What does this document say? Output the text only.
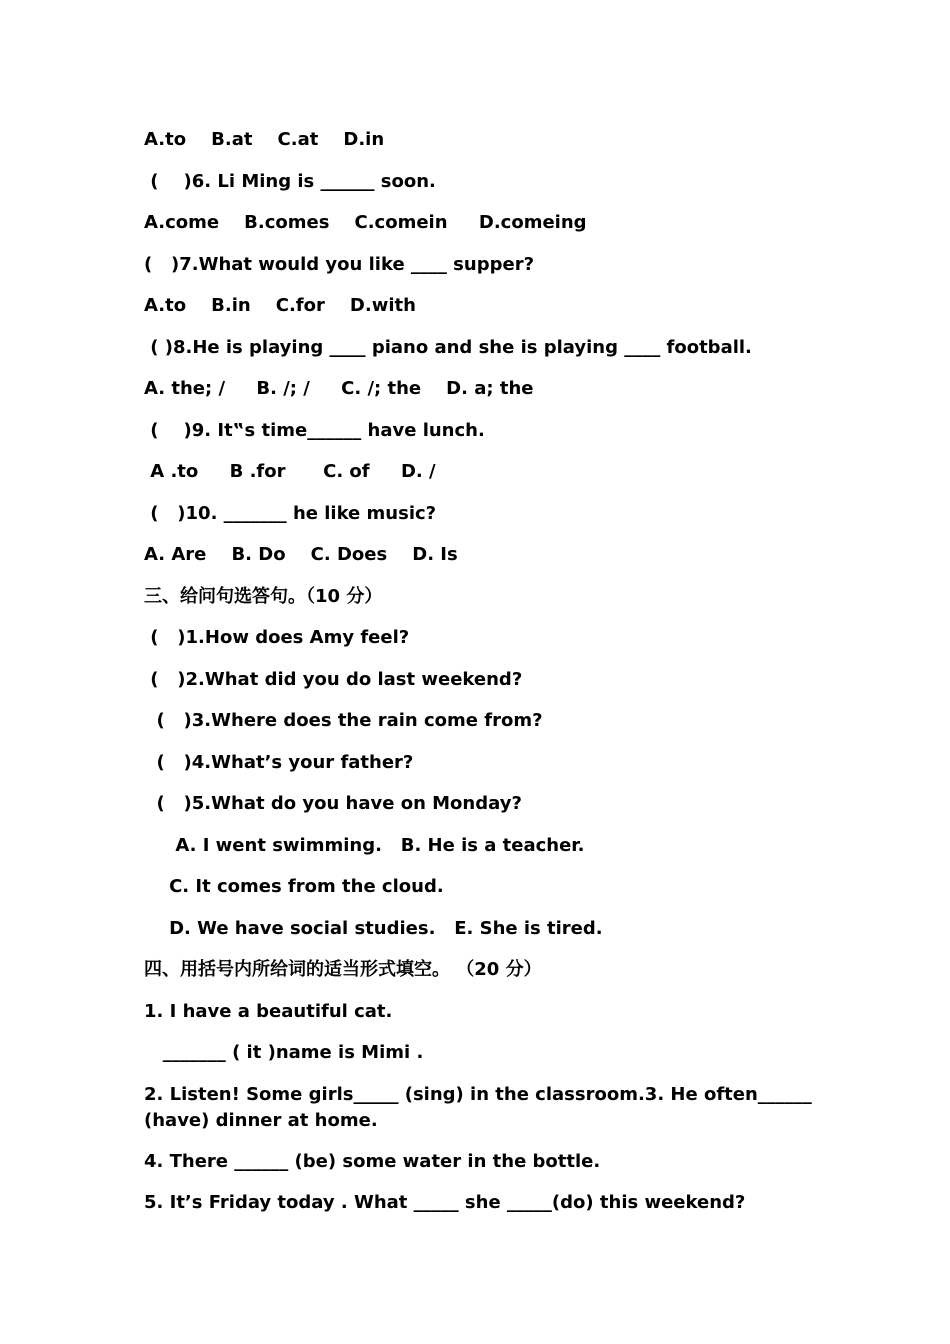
A.to    B.at    C.at    D.in
(    )6. Li Ming is ______ soon.
A.come    B.comes    C.comein     D.comeing
(   )7.What would you like ____ supper?
A.to    B.in    C.for    D.with
( )8.He is playing ____ piano and she is playing ____ football.
A. the; /     B. /; /     C. /; the    D. a; the
(    )9. It‟s time______ have lunch.
A .to     B .for      C. of     D. /
(   )10. _______ he like music?
A. Are    B. Do    C. Does    D. Is
三、给问句选答句。（10 分）
(   )1.How does Amy feel?
(   )2.What did you do last weekend?
(   )3.Where does the rain come from?
(   )4.What’s your father?
(   )5.What do you have on Monday?
A. I went swimming.   B. He is a teacher.
C. It comes from the cloud.
D. We have social studies.   E. She is tired.
四、用括号内所给词的适当形式填空。 （20 分）
1. I have a beautiful cat.
_______ ( it )name is Mimi .
2. Listen! Some girls_____ (sing) in the classroom.3. He often______ (have) dinner at home.
4. There ______ (be) some water in the bottle.
5. It’s Friday today . What _____ she _____(do) this weekend?
